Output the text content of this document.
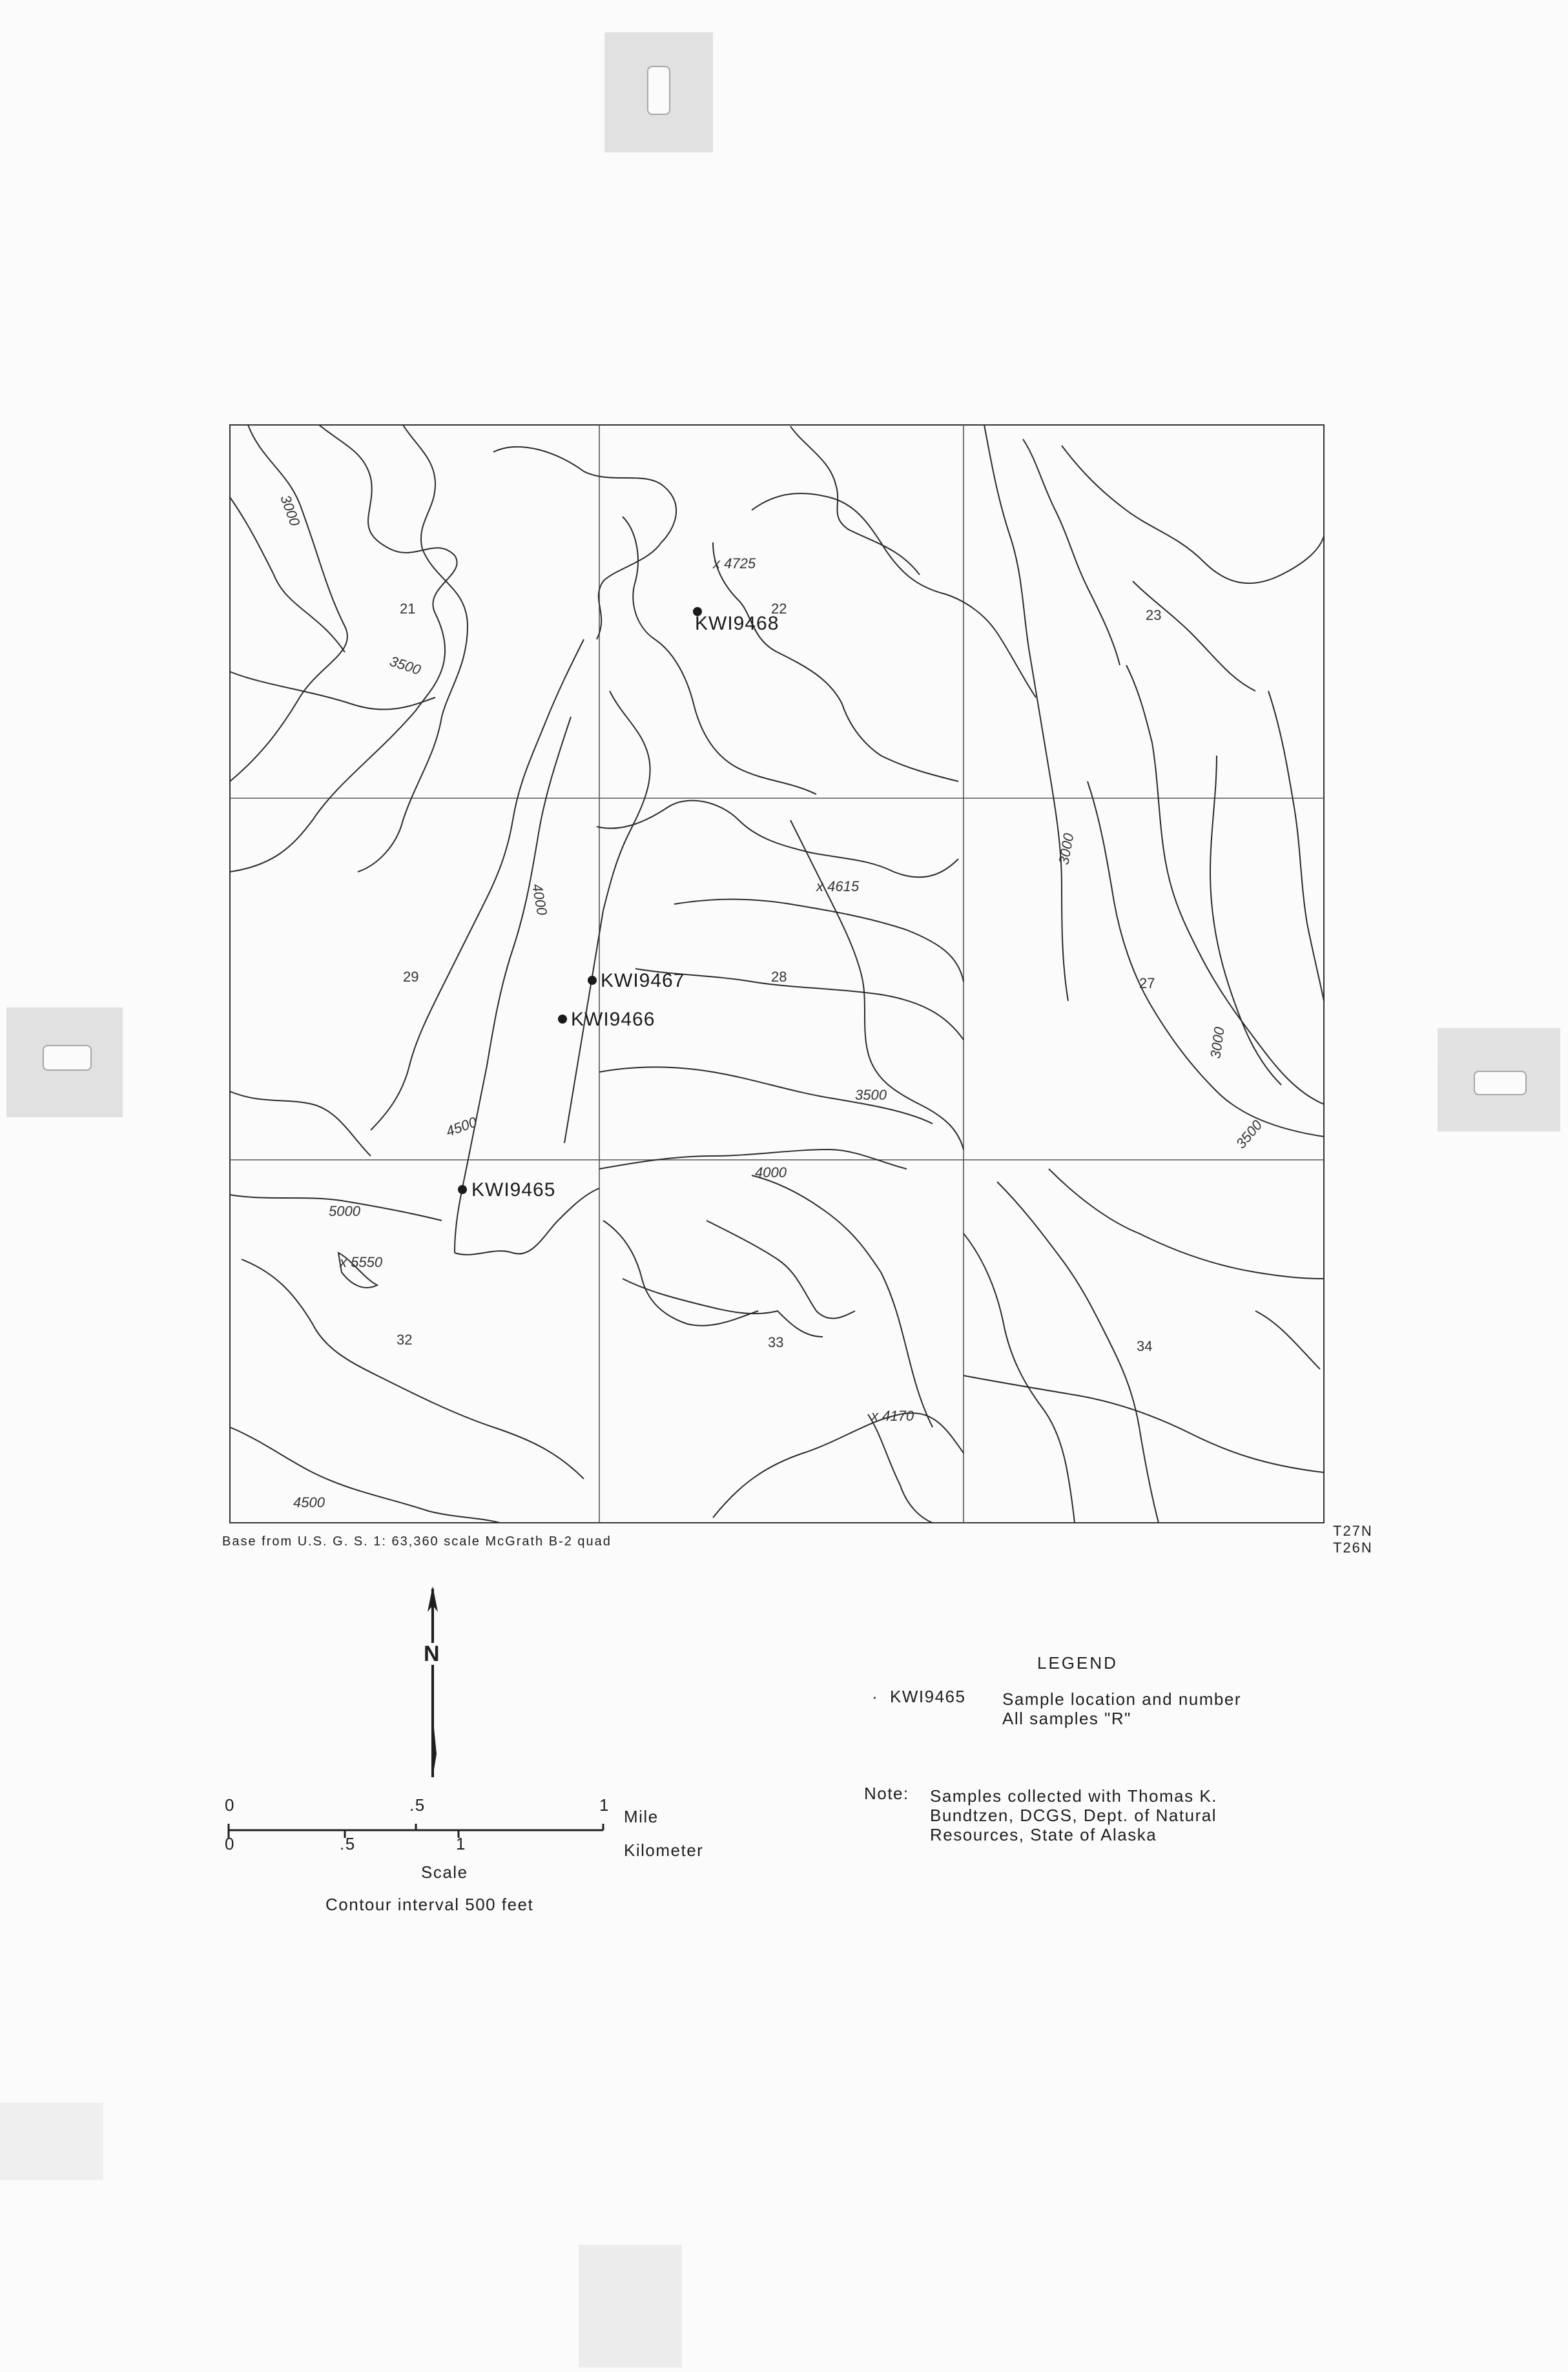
21	22	23
29	28	27
32	33	34
x 4725
x 4615
x 5550
x 4170
3000
3500
4000
3000
3000
3500
3500
4500
4000
5000
4500
KWI9468
KWI9467
KWI9466
KWI9465
Base from U.S. G. S. 1: 63,360 scale McGrath B-2 quad
T27N
T26N
N
0	.5	1
Mile
0	.5	1	Kilometer
Scale
Contour interval 500 feet
LEGEND
· KWI9465 Sample location and number
All samples "R"
Note: Samples collected with Thomas K.
Bundtzen, DCGS, Dept. of Natural
Resources, State of Alaska
